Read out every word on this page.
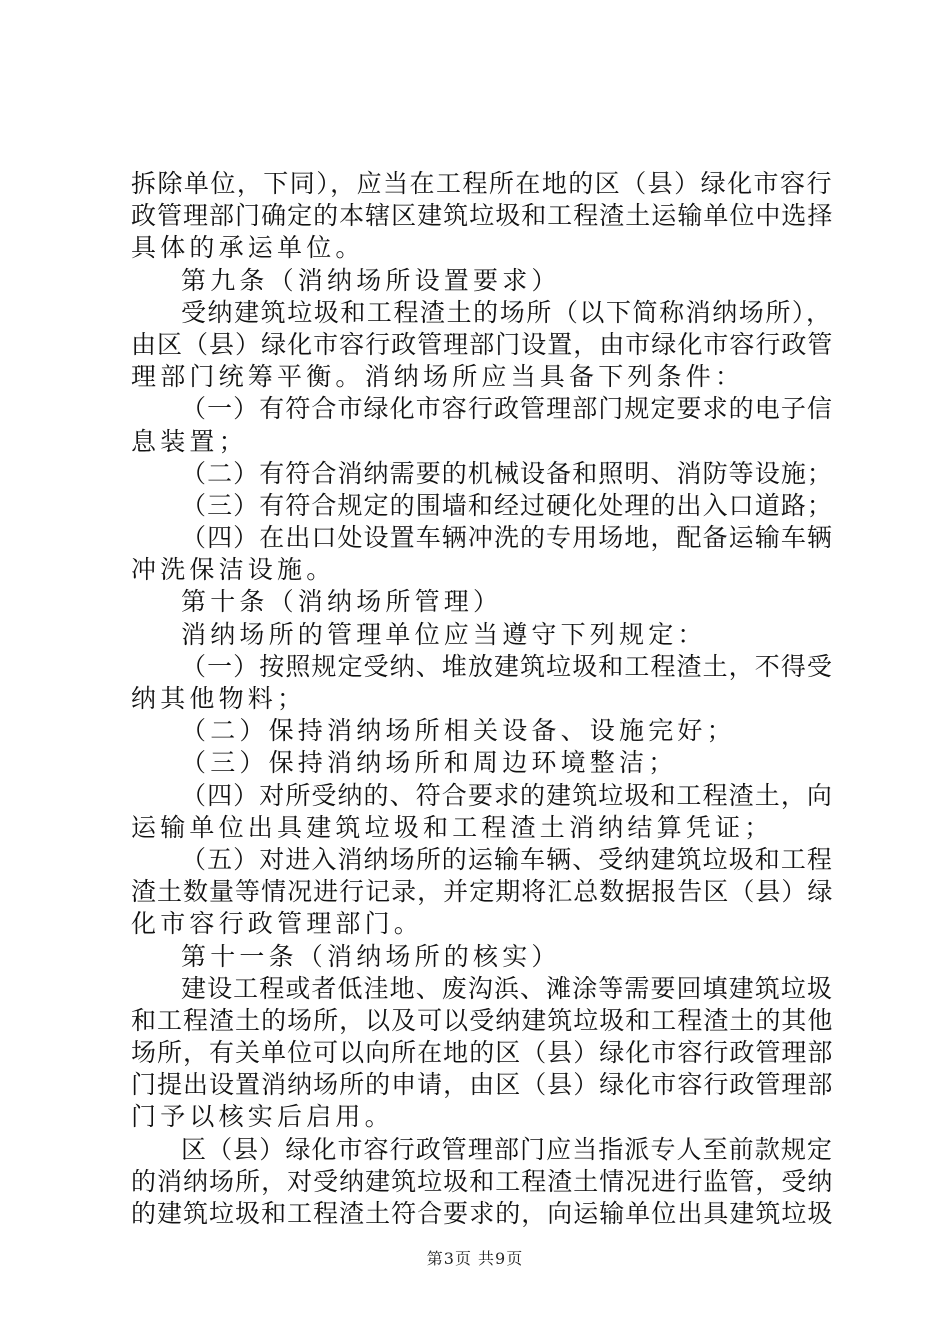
拆除单位，下同），应当在工程所在地的区（县）绿化市容行
政管理部门确定的本辖区建筑垃圾和工程渣土运输单位中选择
具体的承运单位。
第九条（消纳场所设置要求）
受纳建筑垃圾和工程渣土的场所（以下简称消纳场所），
由区（县）绿化市容行政管理部门设置，由市绿化市容行政管
理部门统筹平衡。消纳场所应当具备下列条件：
（一）有符合市绿化市容行政管理部门规定要求的电子信
息装置；
（二）有符合消纳需要的机械设备和照明、消防等设施；
（三）有符合规定的围墙和经过硬化处理的出入口道路；
（四）在出口处设置车辆冲洗的专用场地，配备运输车辆
冲洗保洁设施。
第十条（消纳场所管理）
消纳场所的管理单位应当遵守下列规定：
（一）按照规定受纳、堆放建筑垃圾和工程渣土，不得受
纳其他物料；
（二）保持消纳场所相关设备、设施完好；
（三）保持消纳场所和周边环境整洁；
（四）对所受纳的、符合要求的建筑垃圾和工程渣土，向
运输单位出具建筑垃圾和工程渣土消纳结算凭证；
（五）对进入消纳场所的运输车辆、受纳建筑垃圾和工程
渣土数量等情况进行记录，并定期将汇总数据报告区（县）绿
化市容行政管理部门。
第十一条（消纳场所的核实）
建设工程或者低洼地、废沟浜、滩涂等需要回填建筑垃圾
和工程渣土的场所，以及可以受纳建筑垃圾和工程渣土的其他
场所，有关单位可以向所在地的区（县）绿化市容行政管理部
门提出设置消纳场所的申请，由区（县）绿化市容行政管理部
门予以核实后启用。
区（县）绿化市容行政管理部门应当指派专人至前款规定
的消纳场所，对受纳建筑垃圾和工程渣土情况进行监管，受纳
的建筑垃圾和工程渣土符合要求的，向运输单位出具建筑垃圾
第3页 共9页
